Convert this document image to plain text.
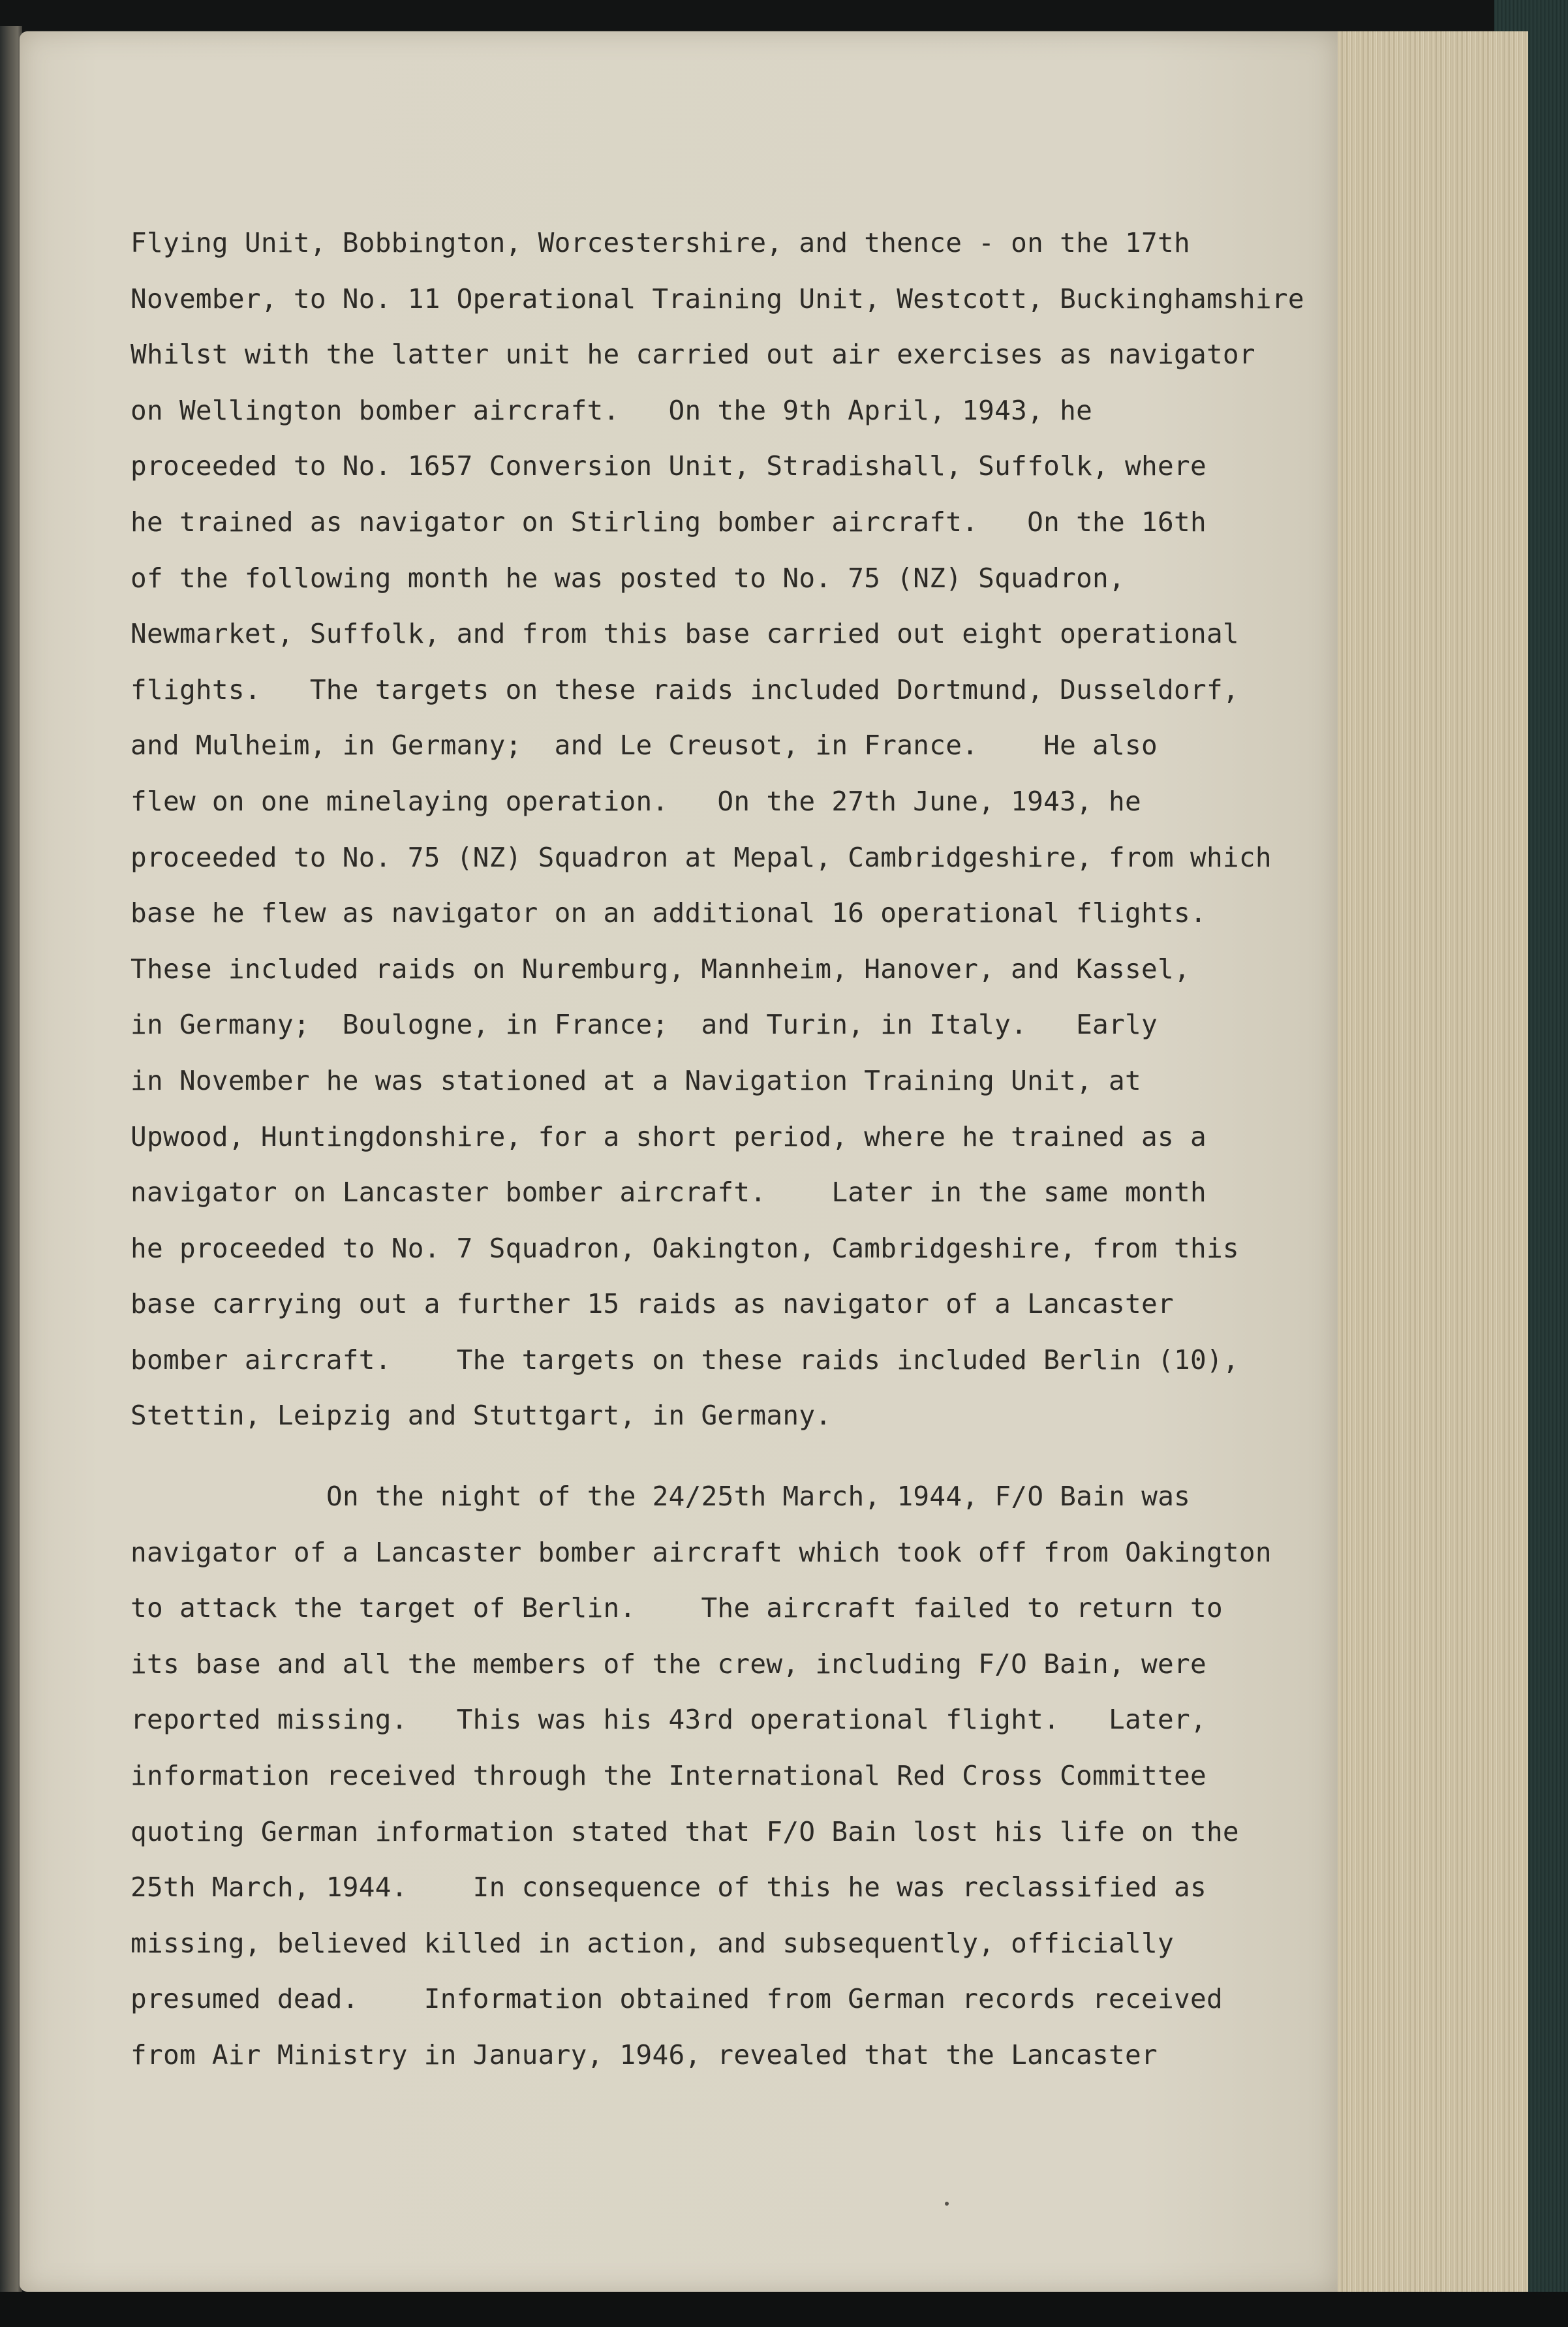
Flying Unit, Bobbington, Worcestershire, and thence - on the 17th
November, to No. 11 Operational Training Unit, Westcott, Buckinghamshire
Whilst with the latter unit he carried out air exercises as navigator
on Wellington bomber aircraft.   On the 9th April, 1943, he
proceeded to No. 1657 Conversion Unit, Stradishall, Suffolk, where
he trained as navigator on Stirling bomber aircraft.   On the 16th
of the following month he was posted to No. 75 (NZ) Squadron,
Newmarket, Suffolk, and from this base carried out eight operational
flights.   The targets on these raids included Dortmund, Dusseldorf,
and Mulheim, in Germany;  and Le Creusot, in France.    He also
flew on one minelaying operation.   On the 27th June, 1943, he
proceeded to No. 75 (NZ) Squadron at Mepal, Cambridgeshire, from which
base he flew as navigator on an additional 16 operational flights.
These included raids on Nuremburg, Mannheim, Hanover, and Kassel,
in Germany;  Boulogne, in France;  and Turin, in Italy.   Early
in November he was stationed at a Navigation Training Unit, at
Upwood, Huntingdonshire, for a short period, where he trained as a
navigator on Lancaster bomber aircraft.    Later in the same month
he proceeded to No. 7 Squadron, Oakington, Cambridgeshire, from this
base carrying out a further 15 raids as navigator of a Lancaster
bomber aircraft.    The targets on these raids included Berlin (10),
Stettin, Leipzig and Stuttgart, in Germany.
On the night of the 24/25th March, 1944, F/O Bain was
navigator of a Lancaster bomber aircraft which took off from Oakington
to attack the target of Berlin.    The aircraft failed to return to
its base and all the members of the crew, including F/O Bain, were
reported missing.   This was his 43rd operational flight.   Later,
information received through the International Red Cross Committee
quoting German information stated that F/O Bain lost his life on the
25th March, 1944.    In consequence of this he was reclassified as
missing, believed killed in action, and subsequently, officially
presumed dead.    Information obtained from German records received
from Air Ministry in January, 1946, revealed that the Lancaster
